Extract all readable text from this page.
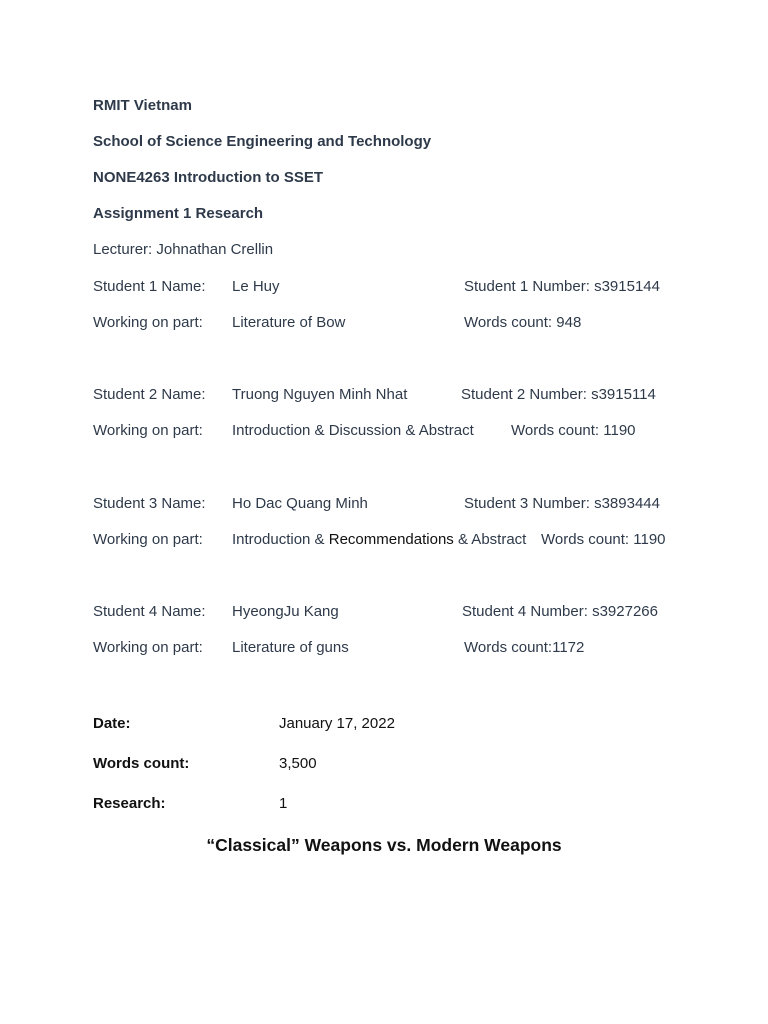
RMIT Vietnam
School of Science Engineering and Technology
NONE4263 Introduction to SSET
Assignment 1 Research
Lecturer: Johnathan Crellin
Student 1 Name: Le Huy	Student 1 Number: s3915144
Working on part: Literature of Bow	Words count: 948
Student 2 Name: Truong Nguyen Minh Nhat	Student 2 Number: s3915114
Working on part: Introduction & Discussion & Abstract Words count: 1190
Student 3 Name: Ho Dac Quang Minh	Student 3 Number: s3893444
Working on part: Introduction & Recommendations & Abstract Words count: 1190
Student 4 Name: HyeongJu Kang	Student 4 Number: s3927266
Working on part: Literature of guns	Words count:1172
Date:	January 17, 2022
Words count:	3,500
Research:	1
“Classical” Weapons vs. Modern Weapons
